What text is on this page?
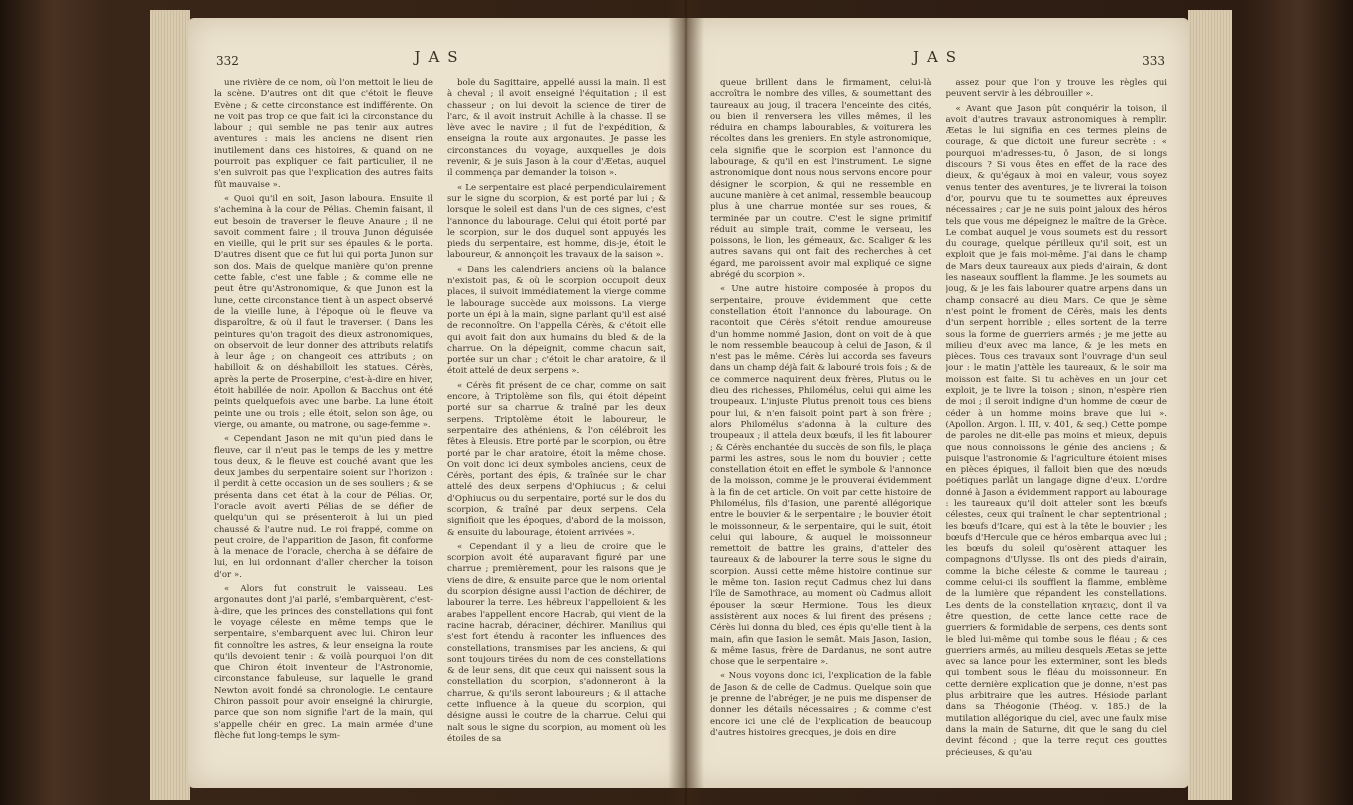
332	JAS

une rivière de ce nom, où l'on mettoit le lieu de la scène. D'autres ont dit que c'étoit le fleuve Evène ; & cette circonstance est indifférente. On ne voit pas trop ce que fait ici la circonstance du labour ; qui semble ne pas tenir aux autres aventures : mais les anciens ne disent rien inutilement dans ces histoires, & quand on ne pourroit pas expliquer ce fait particulier, il ne s'en suivroit pas que l'explication des autres faits fût mauvaise ».

« Quoi qu'il en soit, Jason laboura. Ensuite il s'achemina à la cour de Pélias. Chemin faisant, il eut besoin de traverser le fleuve Anaure ; il ne savoit comment faire ; il trouva Junon déguisée en vieille, qui le prit sur ses épaules & le porta. D'autres disent que ce fut lui qui porta Junon sur son dos. Mais de quelque manière qu'on prenne cette fable, c'est une fable ; & comme elle ne peut être qu'Astronomique, & que Junon est la lune, cette circonstance tient à un aspect observé de la vieille lune, à l'époque où le fleuve va disparoître, & où il faut le traverser. ( Dans les peintures qu'on tragoit des dieux astronomiques, on observoit de leur donner des attributs relatifs à leur âge ; on changeoit ces attributs ; on habilloit & on déshabilloit les statues. Cérès, après la perte de Proserpine, c'est-à-dire en hiver, étoit habillée de noir. Apollon & Bacchus ont été peints quelquefois avec une barbe. La lune étoit peinte une ou trois ; elle étoit, selon son âge, ou vierge, ou amante, ou matrone, ou sage-femme ».

« Cependant Jason ne mit qu'un pied dans le fleuve, car il n'eut pas le temps de les y mettre tous deux, & le fleuve est couché avant que les deux jambes du serpentaire soient sur l'horizon : il perdit à cette occasion un de ses souliers ; & se présenta dans cet état à la cour de Pélias. Or, l'oracle avoit averti Pélias de se défier de quelqu'un qui se présenteroit à lui un pied chaussé & l'autre nud. Le roi frappé, comme on peut croire, de l'apparition de Jason, fit conforme à la menace de l'oracle, chercha à se défaire de lui, en lui ordonnant d'aller chercher la toison d'or ».

« Alors fut construit le vaisseau. Les argonautes dont j'ai parlé, s'embarquèrent, c'est-à-dire, que les princes des constellations qui font le voyage céleste en même temps que le serpentaire, s'embarquent avec lui. Chiron leur fit connoître les astres, & leur enseigna la route qu'ils devoient tenir : & voilà pourquoi l'on dit que Chiron étoit inventeur de l'Astronomie, circonstance fabuleuse, sur laquelle le grand Newton avoit fondé sa chronologie. Le centaure Chiron passoit pour avoir enseigné la chirurgie, parce que son nom signifie l'art de la main, qui s'appelle chéir en grec. La main armée d'une flèche fut long-temps le sym-

bole du Sagittaire, appellé aussi la main. Il est à cheval ; il avoit enseigné l'équitation ; il est chasseur ; on lui devoit la science de tirer de l'arc, & il avoit instruit Achille à la chasse. Il se lève avec le navire ; il fut de l'expédition, & enseigna la route aux argonautes. Je passe les circonstances du voyage, auxquelles je dois revenir, & je suis Jason à la cour d'Æetas, auquel il commença par demander la toison ».

« Le serpentaire est placé perpendiculairement sur le signe du scorpion, & est porté par lui ; & lorsque le soleil est dans l'un de ces signes, c'est l'annonce du labourage. Celui qui étoit porté par le scorpion, sur le dos duquel sont appuyés les pieds du serpentaire, est homme, dis-je, étoit le laboureur, & annonçoit les travaux de la saison ».

« Dans les calendriers anciens où la balance n'existoit pas, & où le scorpion occupoit deux places, il suivoit immédiatement la vierge comme le labourage succède aux moissons. La vierge porte un épi à la main, signe parlant qu'il est aisé de reconnoître. On l'appella Cérès, & c'étoit elle qui avoit fait don aux humains du bled & de la charrue. On la dépeignit, comme chacun sait, portée sur un char ; c'étoit le char aratoire, & il étoit attelé de deux serpens ».

« Cérès fit présent de ce char, comme on sait encore, à Triptolème son fils, qui étoit dépeint porté sur sa charrue & traîné par les deux serpens. Triptolème étoit le laboureur, le serpentaire des athéniens, & l'on célébroit les fêtes à Eleusis. Etre porté par le scorpion, ou être porté par le char aratoire, étoit la même chose. On voit donc ici deux symboles anciens, ceux de Cérès, portant des épis, & traînée sur le char attelé des deux serpens d'Ophiucus ; & celui d'Ophiucus ou du serpentaire, porté sur le dos du scorpion, & traîné par deux serpens. Cela signifioit que les époques, d'abord de la moisson, & ensuite du labourage, étoient arrivées ».

« Cependant il y a lieu de croire que le scorpion avoit été auparavant figuré par une charrue ; premièrement, pour les raisons que je viens de dire, & ensuite parce que le nom oriental du scorpion désigne aussi l'action de déchirer, de labourer la terre. Les hébreux l'appelloient & les arabes l'appellent encore Hacrab, qui vient de la racine hacrab, déraciner, déchirer. Manilius qui s'est fort étendu à raconter les influences des constellations, transmises par les anciens, & qui sont toujours tirées du nom de ces constellations & de leur sens, dit que ceux qui naissent sous la constellation du scorpion, s'adonneront à la charrue, & qu'ils seront laboureurs ; & il attache cette influence à la queue du scorpion, qui désigne aussi le coutre de la charrue. Celui qui naît sous le signe du scorpion, au moment où les étoiles de sa

JAS	333

queue brillent dans le firmament, celui-là accroîtra le nombre des villes, & soumettant des taureaux au joug, il tracera l'enceinte des cités, ou bien il renversera les villes mêmes, il les réduira en champs labourables, & voiturera les récoltes dans les greniers. En style astronomique, cela signifie que le scorpion est l'annonce du labourage, & qu'il en est l'instrument. Le signe astronomique dont nous nous servons encore pour désigner le scorpion, & qui ne ressemble en aucune manière à cet animal, ressemble beaucoup plus à une charrue montée sur ses roues, & terminée par un coutre. C'est le signe primitif réduit au simple trait, comme le verseau, les poissons, le lion, les gémeaux, &c. Scaliger & les autres savans qui ont fait des recherches à cet égard, me paroissent avoir mal expliqué ce signe abrégé du scorpion ».

« Une autre histoire composée à propos du serpentaire, prouve évidemment que cette constellation étoit l'annonce du labourage. On racontoit que Cérès s'étoit rendue amoureuse d'un homme nommé Jasion, dont on voit de à que le nom ressemble beaucoup à celui de Jason, & il n'est pas le même. Cérès lui accorda ses faveurs dans un champ déjà fait & labouré trois fois ; & de ce commerce naquirent deux frères, Plutus ou le dieu des richesses, Philomélus, celui qui aime les troupeaux. L'injuste Plutus prenoit tous ces biens pour lui, & n'en faisoit point part à son frère ; alors Philomélus s'adonna à la culture des troupeaux ; il attela deux bœufs, il les fit labourer ; & Cérès enchantée du succès de son fils, le plaça parmi les astres, sous le nom du bouvier ; cette constellation étoit en effet le symbole & l'annonce de la moisson, comme je le prouverai évidemment à la fin de cet article. On voit par cette histoire de Philomélus, fils d'Iasion, une parenté allégorique entre le bouvier & le serpentaire ; le bouvier étoit le moissonneur, & le serpentaire, qui le suit, étoit celui qui laboure, & auquel le moissonneur remettoit de battre les grains, d'atteler des taureaux & de labourer la terre sous le signe du scorpion. Aussi cette même histoire continue sur le même ton. Iasion reçut Cadmus chez lui dans l'île de Samothrace, au moment où Cadmus alloit épouser la sœur Hermione. Tous les dieux assistèrent aux noces & lui firent des présens ; Cérès lui donna du bled, ces épis qu'elle tient à la main, afin que Iasion le semât. Mais Jason, Iasion, & même Iasus, frère de Dardanus, ne sont autre chose que le serpentaire ».

« Nous voyons donc ici, l'explication de la fable de Jason & de celle de Cadmus. Quelque soin que je prenne de l'abréger, je ne puis me dispenser de donner les détails nécessaires ; & comme c'est encore ici une clé de l'explication de beaucoup d'autres histoires grecques, je dois en dire

assez pour que l'on y trouve les règles qui peuvent servir à les débrouiller ».

« Avant que Jason pût conquérir la toison, il avoit d'autres travaux astronomiques à remplir. Æetas le lui signifia en ces termes pleins de courage, & que dictoit une fureur secrète : « pourquoi m'adresses-tu, ô Jason, de si longs discours ? Si vous êtes en effet de la race des dieux, & qu'égaux à moi en valeur, vous soyez venus tenter des aventures, je te livrerai la toison d'or, pourvu que tu te soumettes aux épreuves nécessaires ; car je ne suis point jaloux des héros tels que vous me dépeignez le maître de la Grèce. Le combat auquel je vous soumets est du ressort du courage, quelque périlleux qu'il soit, est un exploit que je fais moi-même. J'ai dans le champ de Mars deux taureaux aux pieds d'airain, & dont les naseaux soufflent la flamme. Je les soumets au joug, & je les fais labourer quatre arpens dans un champ consacré au dieu Mars. Ce que je sème n'est point le froment de Cérès, mais les dents d'un serpent horrible ; elles sortent de la terre sous la forme de guerriers armés ; je me jette au milieu d'eux avec ma lance, & je les mets en pièces. Tous ces travaux sont l'ouvrage d'un seul jour : le matin j'attèle les taureaux, & le soir ma moisson est faite. Si tu achèves en un jour cet exploit, je te livre la toison ; sinon, n'espère rien de moi ; il seroit indigne d'un homme de cœur de céder à un homme moins brave que lui ». (Apollon. Argon. l. III, v. 401, & seq.) Cette pompe de paroles ne dit-elle pas moins et mieux, depuis que nous connoissons le génie des anciens ; & puisque l'astronomie & l'agriculture étoient mises en pièces épiques, il falloit bien que des nœuds poétiques parlât un langage digne d'eux. L'ordre donné à Jason a évidemment rapport au labourage : les taureaux qu'il doit atteler sont les bœufs célestes, ceux qui traînent le char septentrional ; les bœufs d'Icare, qui est à la tête le bouvier ; les bœufs d'Hercule que ce héros embarqua avec lui ; les bœufs du soleil qu'osèrent attaquer les compagnons d'Ulysse. Ils ont des pieds d'airain, comme la biche céleste & comme le taureau ; comme celui-ci ils soufflent la flamme, emblème de la lumière que répandent les constellations. Les dents de la constellation κηταεις, dont il va être question, de cette lance cette race de guerriers & formidable de serpens, ces dents sont le bled lui-même qui tombe sous le fléau ; & ces guerriers armés, au milieu desquels Æetas se jette avec sa lance pour les exterminer, sont les bleds qui tombent sous le fléau du moissonneur. En cette dernière explication que je donne, n'est pas plus arbitraire que les autres. Hésiode parlant dans sa Théogonie (Théog. v. 185.) de la mutilation allégorique du ciel, avec une faulx mise dans la main de Saturne, dit que le sang du ciel devint fécond ; que la terre reçut ces gouttes précieuses, & qu'au
